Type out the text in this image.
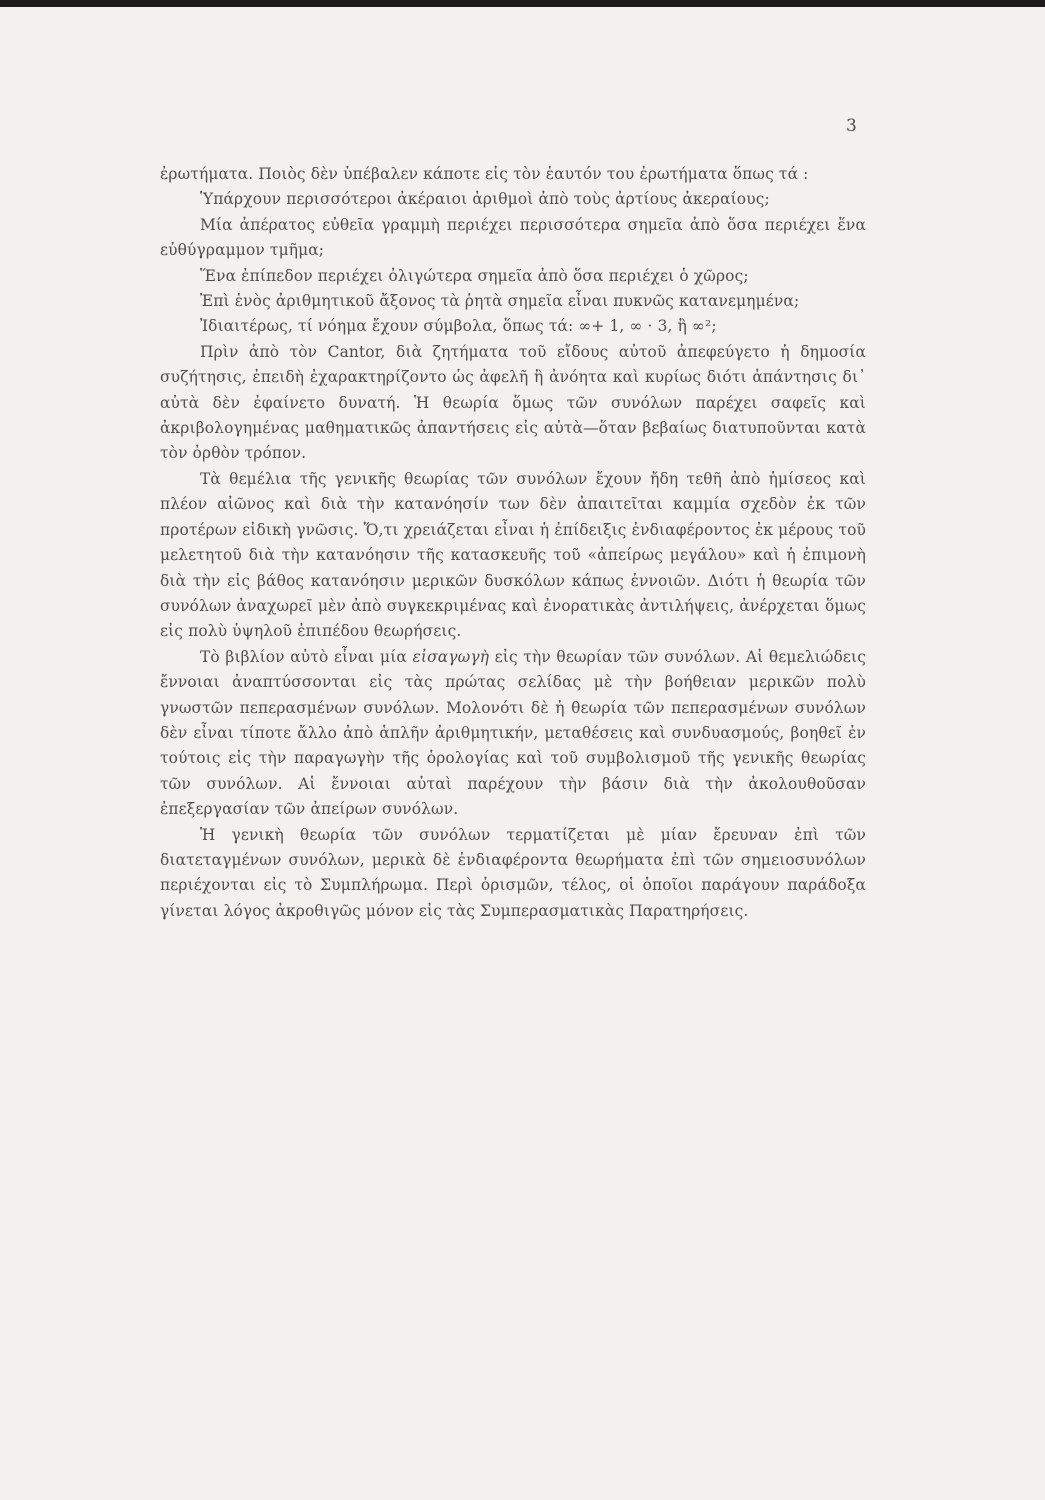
3

ἐρωτήματα. Ποιὸς δὲν ὑπέβαλεν κάποτε εἰς τὸν ἑαυτόν του ἐρωτήματα ὅπως τά :

Ὑπάρχουν περισσότεροι ἀκέραιοι ἀριθμοὶ ἀπὸ τοὺς ἀρτίους ἀκεραίους;

Μία ἀπέρατος εὐθεῖα γραμμὴ περιέχει περισσότερα σημεῖα ἀπὸ ὅσα περιέχει ἕνα εὐθύγραμμον τμῆμα;

Ἕνα ἐπίπεδον περιέχει ὀλιγώτερα σημεῖα ἀπὸ ὅσα περιέχει ὁ χῶρος;

Ἐπὶ ἑνὸς ἀριθμητικοῦ ἄξονος τὰ ῥητὰ σημεῖα εἶναι πυκνῶς κατανεμημένα;

Ἰδιαιτέρως, τί νόημα ἔχουν σύμβολα, ὅπως τά: ∞+ 1, ∞ · 3, ἢ ∞²;

Πρὶν ἀπὸ τὸν Cantor, διὰ ζητήματα τοῦ εἴδους αὐτοῦ ἀπεφεύγετο ἡ δημοσία συζήτησις, ἐπειδὴ ἐχαρακτηρίζοντο ὡς ἀφελῆ ἢ ἀνόητα καὶ κυρίως διότι ἀπάντησις δι᾽ αὐτὰ δὲν ἐφαίνετο δυνατή. Ἡ θεωρία ὅμως τῶν συνόλων παρέχει σαφεῖς καὶ ἀκριβολογημένας μαθηματικῶς ἀπαντήσεις εἰς αὐτὰ—ὅταν βεβαίως διατυποῦνται κατὰ τὸν ὀρθὸν τρόπον.

Τὰ θεμέλια τῆς γενικῆς θεωρίας τῶν συνόλων ἔχουν ἤδη τεθῆ ἀπὸ ἡμίσεος καὶ πλέον αἰῶνος καὶ διὰ τὴν κατανόησίν των δὲν ἀπαιτεῖται καμμία σχεδὸν ἐκ τῶν προτέρων εἰδικὴ γνῶσις. Ὅ,τι χρειάζεται εἶναι ἡ ἐπίδειξις ἐνδιαφέροντος ἐκ μέρους τοῦ μελετητοῦ διὰ τὴν κατανόησιν τῆς κατασκευῆς τοῦ «ἀπείρως μεγάλου» καὶ ἡ ἐπιμονὴ διὰ τὴν εἰς βάθος κατανόησιν μερικῶν δυσκόλων κάπως ἐννοιῶν. Διότι ἡ θεωρία τῶν συνόλων ἀναχωρεῖ μὲν ἀπὸ συγκεκριμένας καὶ ἐνορατικὰς ἀντιλήψεις, ἀνέρχεται ὅμως εἰς πολὺ ὑψηλοῦ ἐπιπέδου θεωρήσεις.

Τὸ βιβλίον αὐτὸ εἶναι μία εἰσαγωγὴ εἰς τὴν θεωρίαν τῶν συνόλων. Αἱ θεμελιώδεις ἔννοιαι ἀναπτύσσονται εἰς τὰς πρώτας σελίδας μὲ τὴν βοήθειαν μερικῶν πολὺ γνωστῶν πεπερασμένων συνόλων. Μολονότι δὲ ἡ θεωρία τῶν πεπερασμένων συνόλων δὲν εἶναι τίποτε ἄλλο ἀπὸ ἁπλῆν ἀριθμητικήν, μεταθέσεις καὶ συνδυασμούς, βοηθεῖ ἐν τούτοις εἰς τὴν παραγωγὴν τῆς ὁρολογίας καὶ τοῦ συμβολισμοῦ τῆς γενικῆς θεωρίας τῶν συνόλων. Αἱ ἔννοιαι αὐταὶ παρέχουν τὴν βάσιν διὰ τὴν ἀκολουθοῦσαν ἐπεξεργασίαν τῶν ἀπείρων συνόλων.

Ἡ γενικὴ θεωρία τῶν συνόλων τερματίζεται μὲ μίαν ἔρευναν ἐπὶ τῶν διατεταγμένων συνόλων, μερικὰ δὲ ἐνδιαφέροντα θεωρήματα ἐπὶ τῶν σημειοσυνόλων περιέχονται εἰς τὸ Συμπλήρωμα. Περὶ ὁρισμῶν, τέλος, οἱ ὁποῖοι παράγουν παράδοξα γίνεται λόγος ἀκροθιγῶς μόνον εἰς τὰς Συμπερασματικὰς Παρατηρήσεις.
